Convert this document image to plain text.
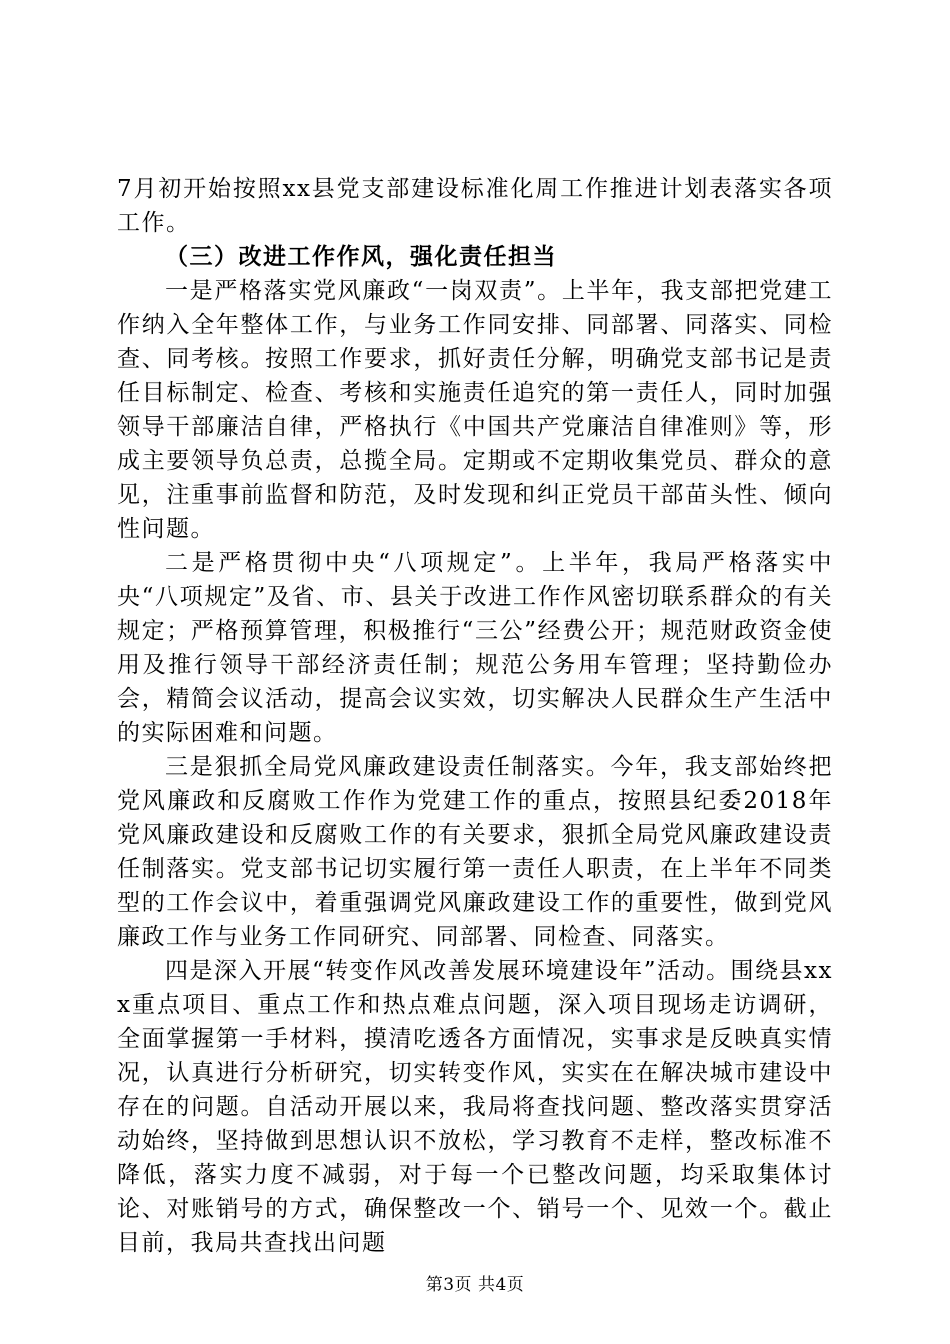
7月初开始按照xx县党支部建设标准化周工作推进计划表落实各项工作。

（三）改进工作作风，强化责任担当

一是严格落实党风廉政“一岗双责”。上半年，我支部把党建工作纳入全年整体工作，与业务工作同安排、同部署、同落实、同检查、同考核。按照工作要求，抓好责任分解，明确党支部书记是责任目标制定、检查、考核和实施责任追究的第一责任人，同时加强领导干部廉洁自律，严格执行《中国共产党廉洁自律准则》等，形成主要领导负总责，总揽全局。定期或不定期收集党员、群众的意见，注重事前监督和防范，及时发现和纠正党员干部苗头性、倾向性问题。

二是严格贯彻中央“八项规定”。上半年，我局严格落实中央“八项规定”及省、市、县关于改进工作作风密切联系群众的有关规定；严格预算管理，积极推行“三公”经费公开；规范财政资金使用及推行领导干部经济责任制；规范公务用车管理；坚持勤俭办会，精简会议活动，提高会议实效，切实解决人民群众生产生活中的实际困难和问题。

三是狠抓全局党风廉政建设责任制落实。今年，我支部始终把党风廉政和反腐败工作作为党建工作的重点，按照县纪委2018年党风廉政建设和反腐败工作的有关要求，狠抓全局党风廉政建设责任制落实。党支部书记切实履行第一责任人职责，在上半年不同类型的工作会议中，着重强调党风廉政建设工作的重要性，做到党风廉政工作与业务工作同研究、同部署、同检查、同落实。

四是深入开展“转变作风改善发展环境建设年”活动。围绕县xxx重点项目、重点工作和热点难点问题，深入项目现场走访调研，全面掌握第一手材料，摸清吃透各方面情况，实事求是反映真实情况，认真进行分析研究，切实转变作风，实实在在解决城市建设中存在的问题。自活动开展以来，我局将查找问题、整改落实贯穿活动始终，坚持做到思想认识不放松，学习教育不走样，整改标准不降低，落实力度不减弱，对于每一个已整改问题，均采取集体讨论、对账销号的方式，确保整改一个、销号一个、见效一个。截止目前，我局共查找出问题

第3页 共4页
